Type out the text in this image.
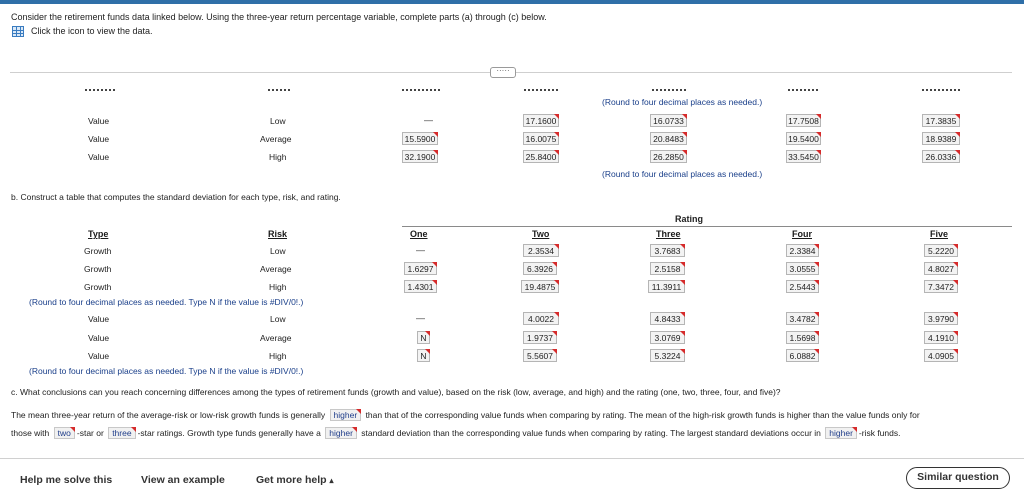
Consider the retirement funds data linked below. Using the three-year return percentage variable, complete parts (a) through (c) below.
Click the icon to view the data.
·····
(Round to four decimal places as needed.)
Value	Low	—	17.1600	16.0733	17.7508	17.3835
Value	Average	15.5900	16.0075	20.8483	19.5400	18.9389
Value	High	32.1900	25.8400	26.2850	33.5450	26.0336
(Round to four decimal places as needed.)
b. Construct a table that computes the standard deviation for each type, risk, and rating.
Rating
Type	Risk	One	Two	Three	Four	Five
Growth	Low	—	2.3534	3.7683	2.3384	5.2220
Growth	Average	1.6297	6.3926	2.5158	3.0555	4.8027
Growth	High	1.4301	19.4875	11.3911	2.5443	7.3472
(Round to four decimal places as needed. Type N if the value is #DIV/0!.)
Value	Low	—	4.0022	4.8433	3.4782	3.9790
Value	Average	N	1.9737	3.0769	1.5698	4.1910
Value	High	N	5.5607	5.3224	6.0882	4.0905
(Round to four decimal places as needed. Type N if the value is #DIV/0!.)
c. What conclusions can you reach concerning differences among the types of retirement funds (growth and value), based on the risk (low, average, and high) and the rating (one, two, three, four, and five)?
The mean three-year return of the average-risk or low-risk growth funds is generally higher than that of the corresponding value funds when comparing by rating. The mean of the high-risk growth funds is higher than the value funds only for
those with two -star or three -star ratings. Growth type funds generally have a higher standard deviation than the corresponding value funds when comparing by rating. The largest standard deviations occur in higher -risk funds.
Help me solve this	View an example	Get more help ▴	Similar question
